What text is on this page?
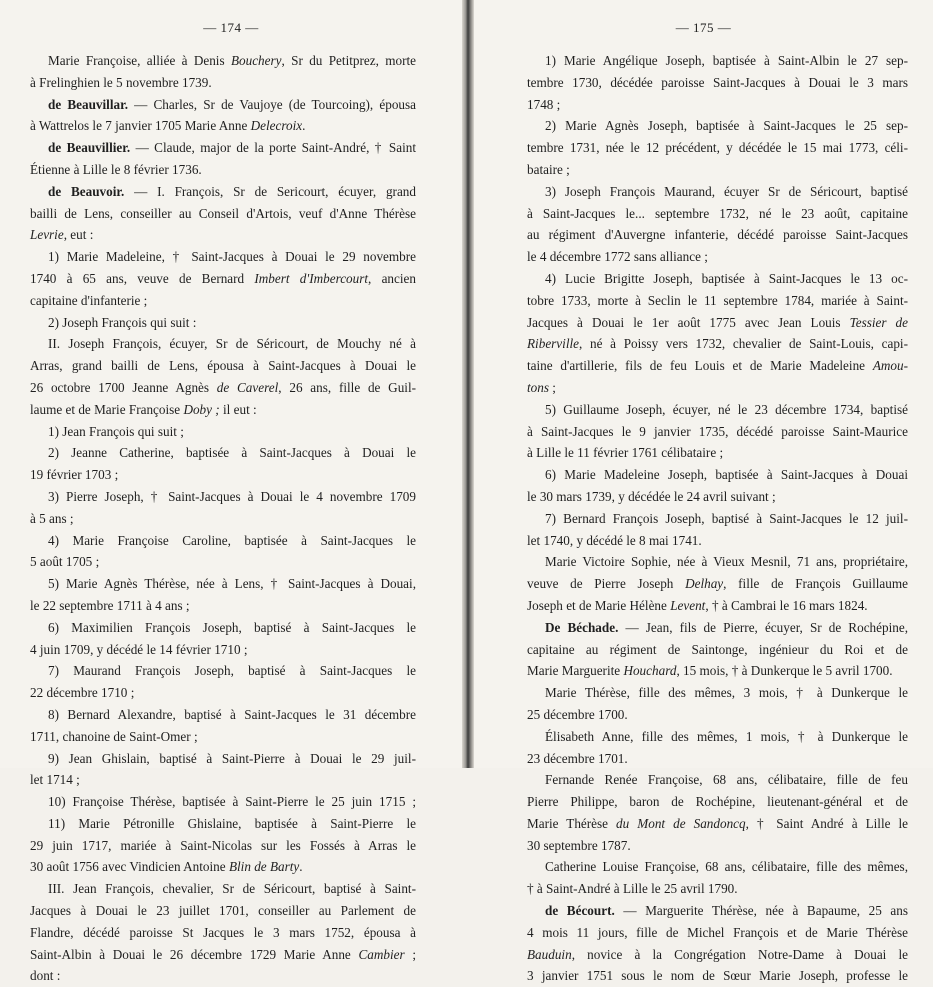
— 174 —
Marie Françoise, alliée à Denis Bouchery, Sr du Petitprez, morte
à Frelinghien le 5 novembre 1739.
de Beauvillar. — Charles, Sr de Vaujoye (de Tourcoing), épousa
à Wattrelos le 7 janvier 1705 Marie Anne Delecroix.
de Beauvillier. — Claude, major de la porte Saint-André, † Saint
Étienne à Lille le 8 février 1736.
de Beauvoir. — I. François, Sr de Sericourt, écuyer, grand
bailli de Lens, conseiller au Conseil d'Artois, veuf d'Anne Thérèse
Levrie, eut :
1) Marie Madeleine, † Saint-Jacques à Douai le 29 novembre
1740 à 65 ans, veuve de Bernard Imbert d'Imbercourt, ancien
capitaine d'infanterie ;
2) Joseph François qui suit :
II. Joseph François, écuyer, Sr de Séricourt, de Mouchy né à
Arras, grand bailli de Lens, épousa à Saint-Jacques à Douai le
26 octobre 1700 Jeanne Agnès de Caverel, 26 ans, fille de Guil-
laume et de Marie Françoise Doby ; il eut :
1) Jean François qui suit ;
2) Jeanne Catherine, baptisée à Saint-Jacques à Douai le
19 février 1703 ;
3) Pierre Joseph, † Saint-Jacques à Douai le 4 novembre 1709
à 5 ans ;
4) Marie Françoise Caroline, baptisée à Saint-Jacques le
5 août 1705 ;
5) Marie Agnès Thérèse, née à Lens, † Saint-Jacques à Douai,
le 22 septembre 1711 à 4 ans ;
6) Maximilien François Joseph, baptisé à Saint-Jacques le
4 juin 1709, y décédé le 14 février 1710 ;
7) Maurand François Joseph, baptisé à Saint-Jacques le
22 décembre 1710 ;
8) Bernard Alexandre, baptisé à Saint-Jacques le 31 décembre
1711, chanoine de Saint-Omer ;
9) Jean Ghislain, baptisé à Saint-Pierre à Douai le 29 juil-
let 1714 ;
10) Françoise Thérèse, baptisée à Saint-Pierre le 25 juin 1715 ;
11) Marie Pétronille Ghislaine, baptisée à Saint-Pierre le
29 juin 1717, mariée à Saint-Nicolas sur les Fossés à Arras le
30 août 1756 avec Vindicien Antoine Blin de Barty.
III. Jean François, chevalier, Sr de Séricourt, baptisé à Saint-
Jacques à Douai le 23 juillet 1701, conseiller au Parlement de
Flandre, décédé paroisse St Jacques le 3 mars 1752, épousa à
Saint-Albin à Douai le 26 décembre 1729 Marie Anne Cambier ;
dont :
— 175 —
1) Marie Angélique Joseph, baptisée à Saint-Albin le 27 sep-
tembre 1730, décédée paroisse Saint-Jacques à Douai le 3 mars
1748 ;
2) Marie Agnès Joseph, baptisée à Saint-Jacques le 25 sep-
tembre 1731, née le 12 précédent, y décédée le 15 mai 1773, céli-
bataire ;
3) Joseph François Maurand, écuyer Sr de Séricourt, baptisé
à Saint-Jacques le... septembre 1732, né le 23 août, capitaine
au régiment d'Auvergne infanterie, décédé paroisse Saint-Jacques
le 4 décembre 1772 sans alliance ;
4) Lucie Brigitte Joseph, baptisée à Saint-Jacques le 13 oc-
tobre 1733, morte à Seclin le 11 septembre 1784, mariée à Saint-
Jacques à Douai le 1er août 1775 avec Jean Louis Tessier de
Riberville, né à Poissy vers 1732, chevalier de Saint-Louis, capi-
taine d'artillerie, fils de feu Louis et de Marie Madeleine Amou-
tons ;
5) Guillaume Joseph, écuyer, né le 23 décembre 1734, baptisé
à Saint-Jacques le 9 janvier 1735, décédé paroisse Saint-Maurice
à Lille le 11 février 1761 célibataire ;
6) Marie Madeleine Joseph, baptisée à Saint-Jacques à Douai
le 30 mars 1739, y décédée le 24 avril suivant ;
7) Bernard François Joseph, baptisé à Saint-Jacques le 12 juil-
let 1740, y décédé le 8 mai 1741.
Marie Victoire Sophie, née à Vieux Mesnil, 71 ans, propriétaire,
veuve de Pierre Joseph Delhay, fille de François Guillaume
Joseph et de Marie Hélène Levent, † à Cambrai le 16 mars 1824.
De Béchade. — Jean, fils de Pierre, écuyer, Sr de Rochépine,
capitaine au régiment de Saintonge, ingénieur du Roi et de
Marie Marguerite Houchard, 15 mois, † à Dunkerque le 5 avril 1700.
Marie Thérèse, fille des mêmes, 3 mois, † à Dunkerque le
25 décembre 1700.
Élisabeth Anne, fille des mêmes, 1 mois, † à Dunkerque le
23 décembre 1701.
Fernande Renée Françoise, 68 ans, célibataire, fille de feu
Pierre Philippe, baron de Rochépine, lieutenant-général et de
Marie Thérèse du Mont de Sandoncq, † Saint André à Lille le
30 septembre 1787.
Catherine Louise Françoise, 68 ans, célibataire, fille des mêmes,
† à Saint-André à Lille le 25 avril 1790.
de Bécourt. — Marguerite Thérèse, née à Bapaume, 25 ans
4 mois 11 jours, fille de Michel François et de Marie Thérèse
Bauduin, novice à la Congrégation Notre-Dame à Douai le
3 janvier 1751 sous le nom de Sœur Marie Joseph, professe le
